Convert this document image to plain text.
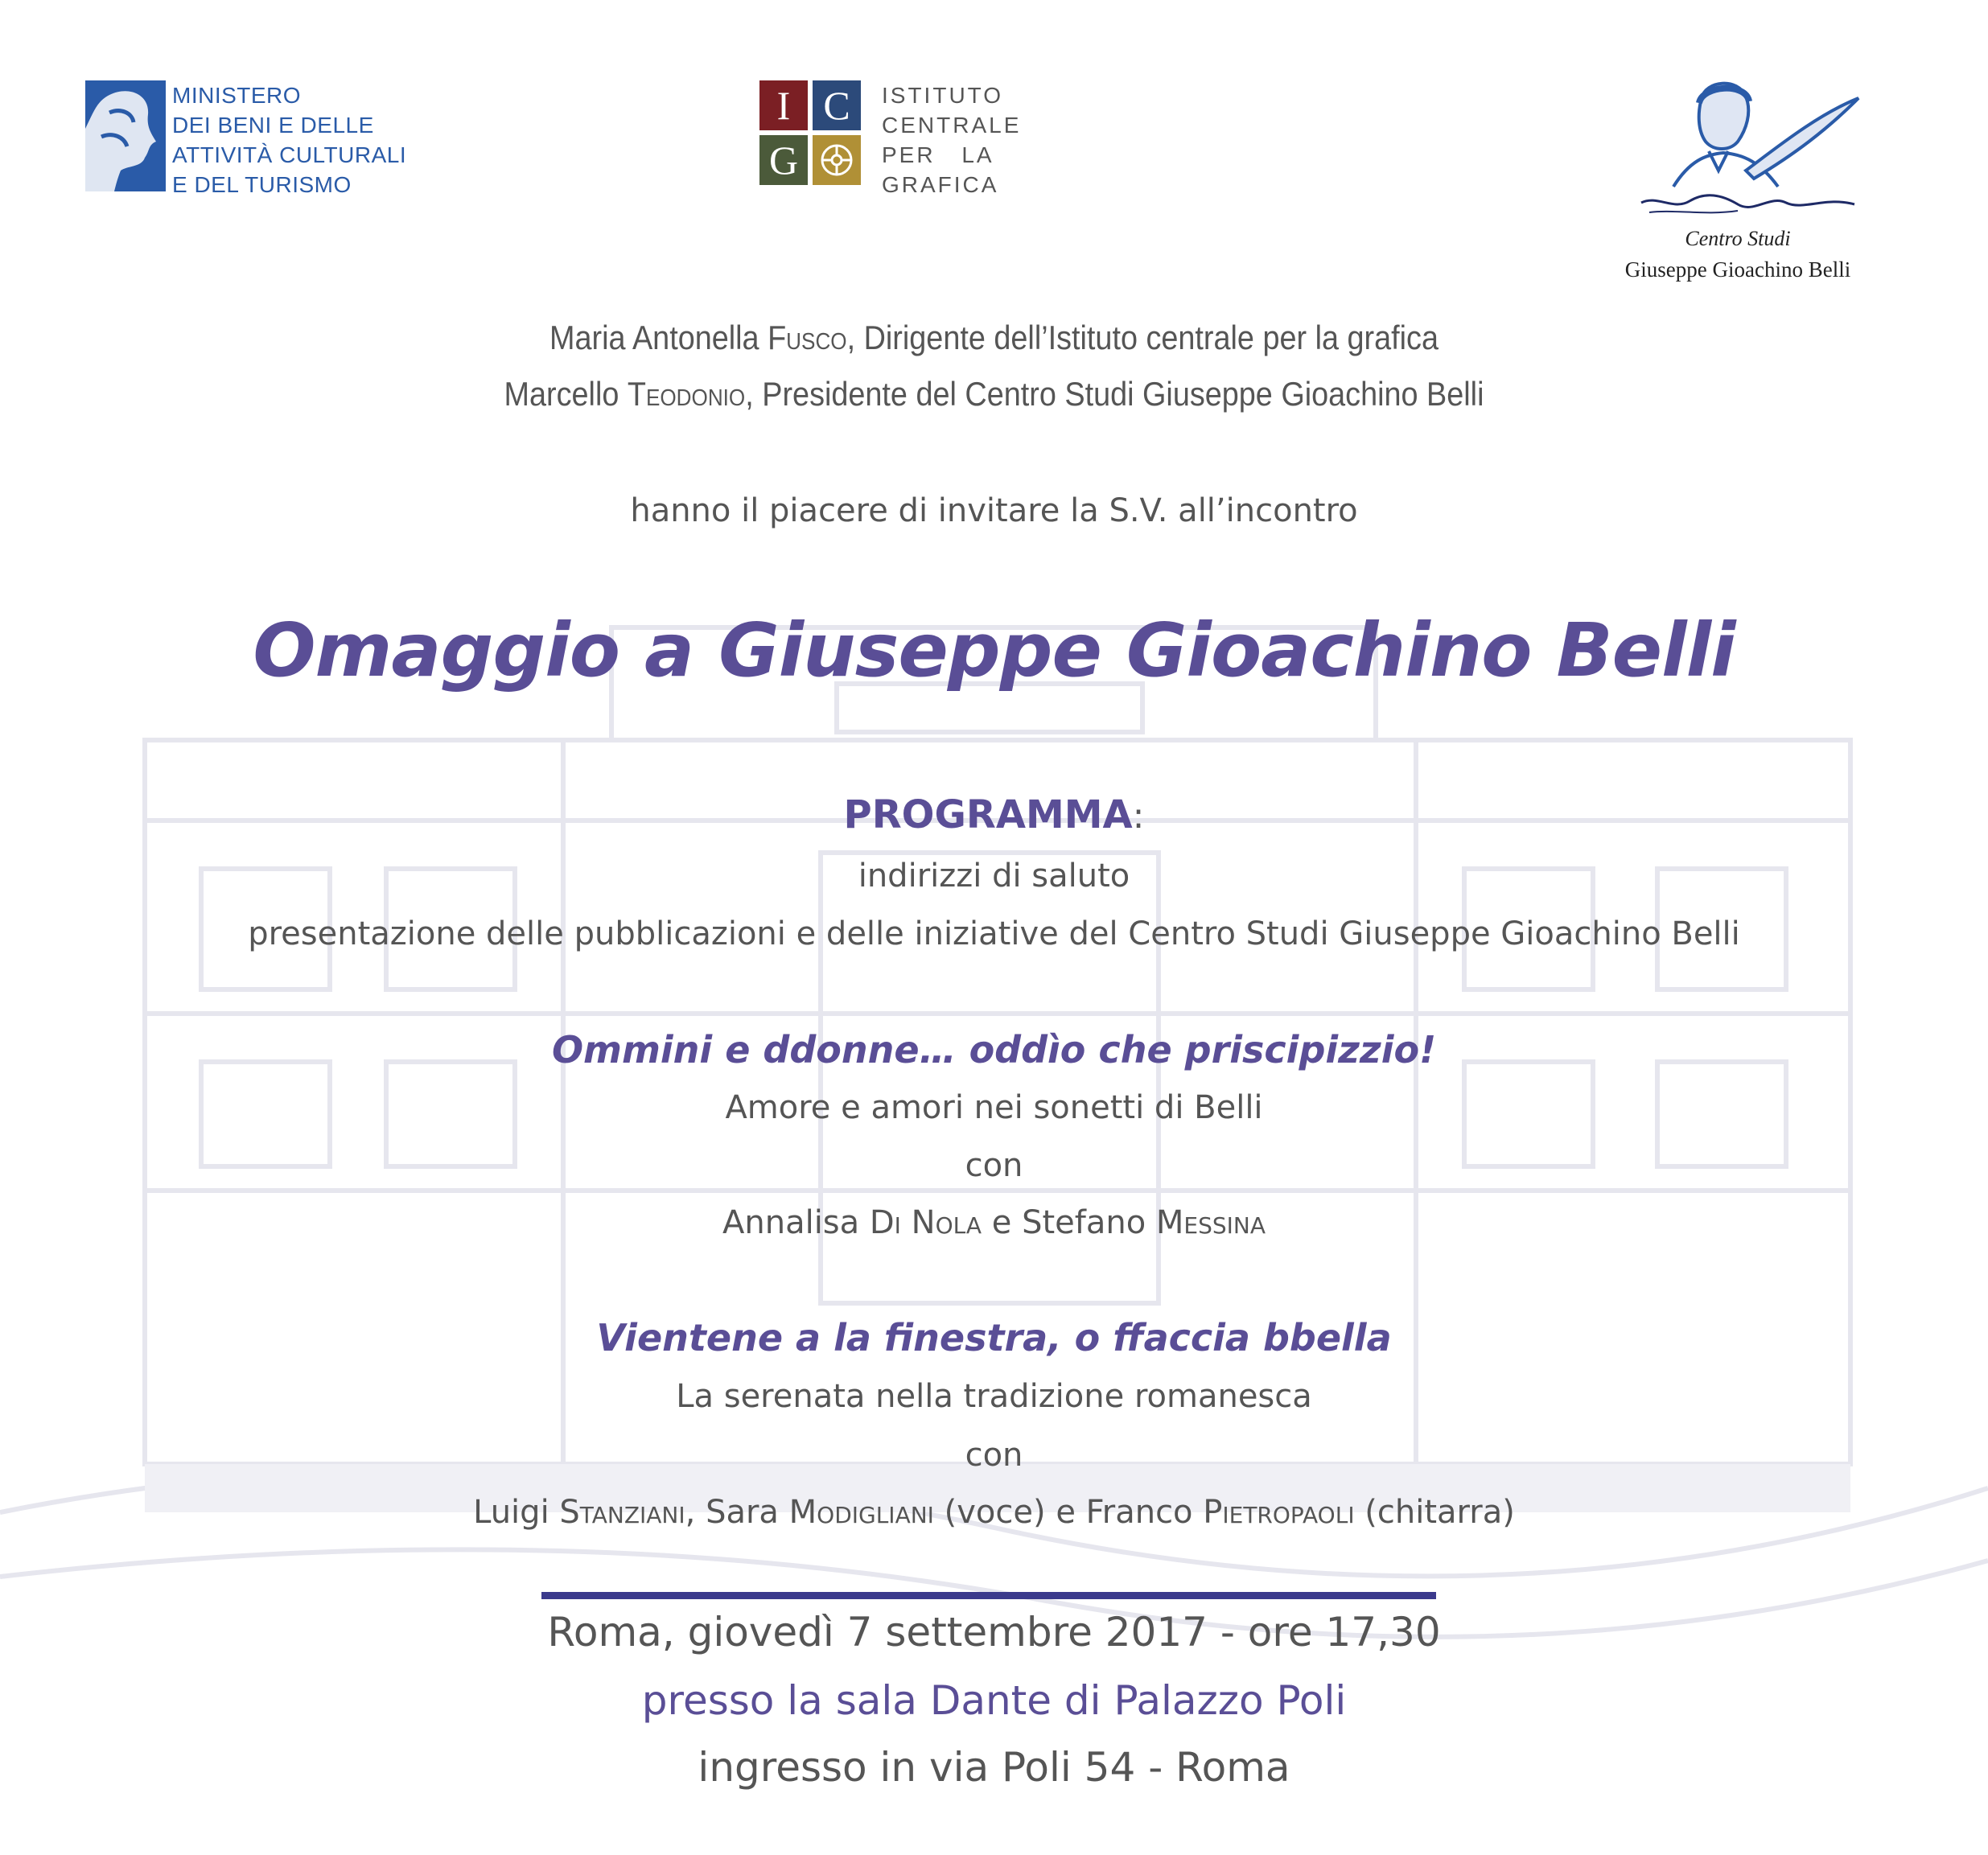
MINISTERO
DEI BENI E DELLE
ATTIVITÀ CULTURALI
E DEL TURISMO
I C
G
ISTITUTO
CENTRALE
PER LA
GRAFICA
Centro Studi
Giuseppe Gioachino Belli
Maria Antonella Fusco, Dirigente dell’Istituto centrale per la grafica
Marcello Teodonio, Presidente del Centro Studi Giuseppe Gioachino Belli
hanno il piacere di invitare la S.V. all’incontro
Omaggio a Giuseppe Gioachino Belli
PROGRAMMA:
indirizzi di saluto
presentazione delle pubblicazioni e delle iniziative del Centro Studi Giuseppe Gioachino Belli
Ommini e ddonne… oddìo che priscipizzio!
Amore e amori nei sonetti di Belli
con
Annalisa Di Nola e Stefano Messina
Vientene a la finestra, o ffaccia bbella
La serenata nella tradizione romanesca
con
Luigi Stanziani, Sara Modigliani (voce) e Franco Pietropaoli (chitarra)
Roma, giovedì 7 settembre 2017 - ore 17,30
presso la sala Dante di Palazzo Poli
ingresso in via Poli 54 - Roma
